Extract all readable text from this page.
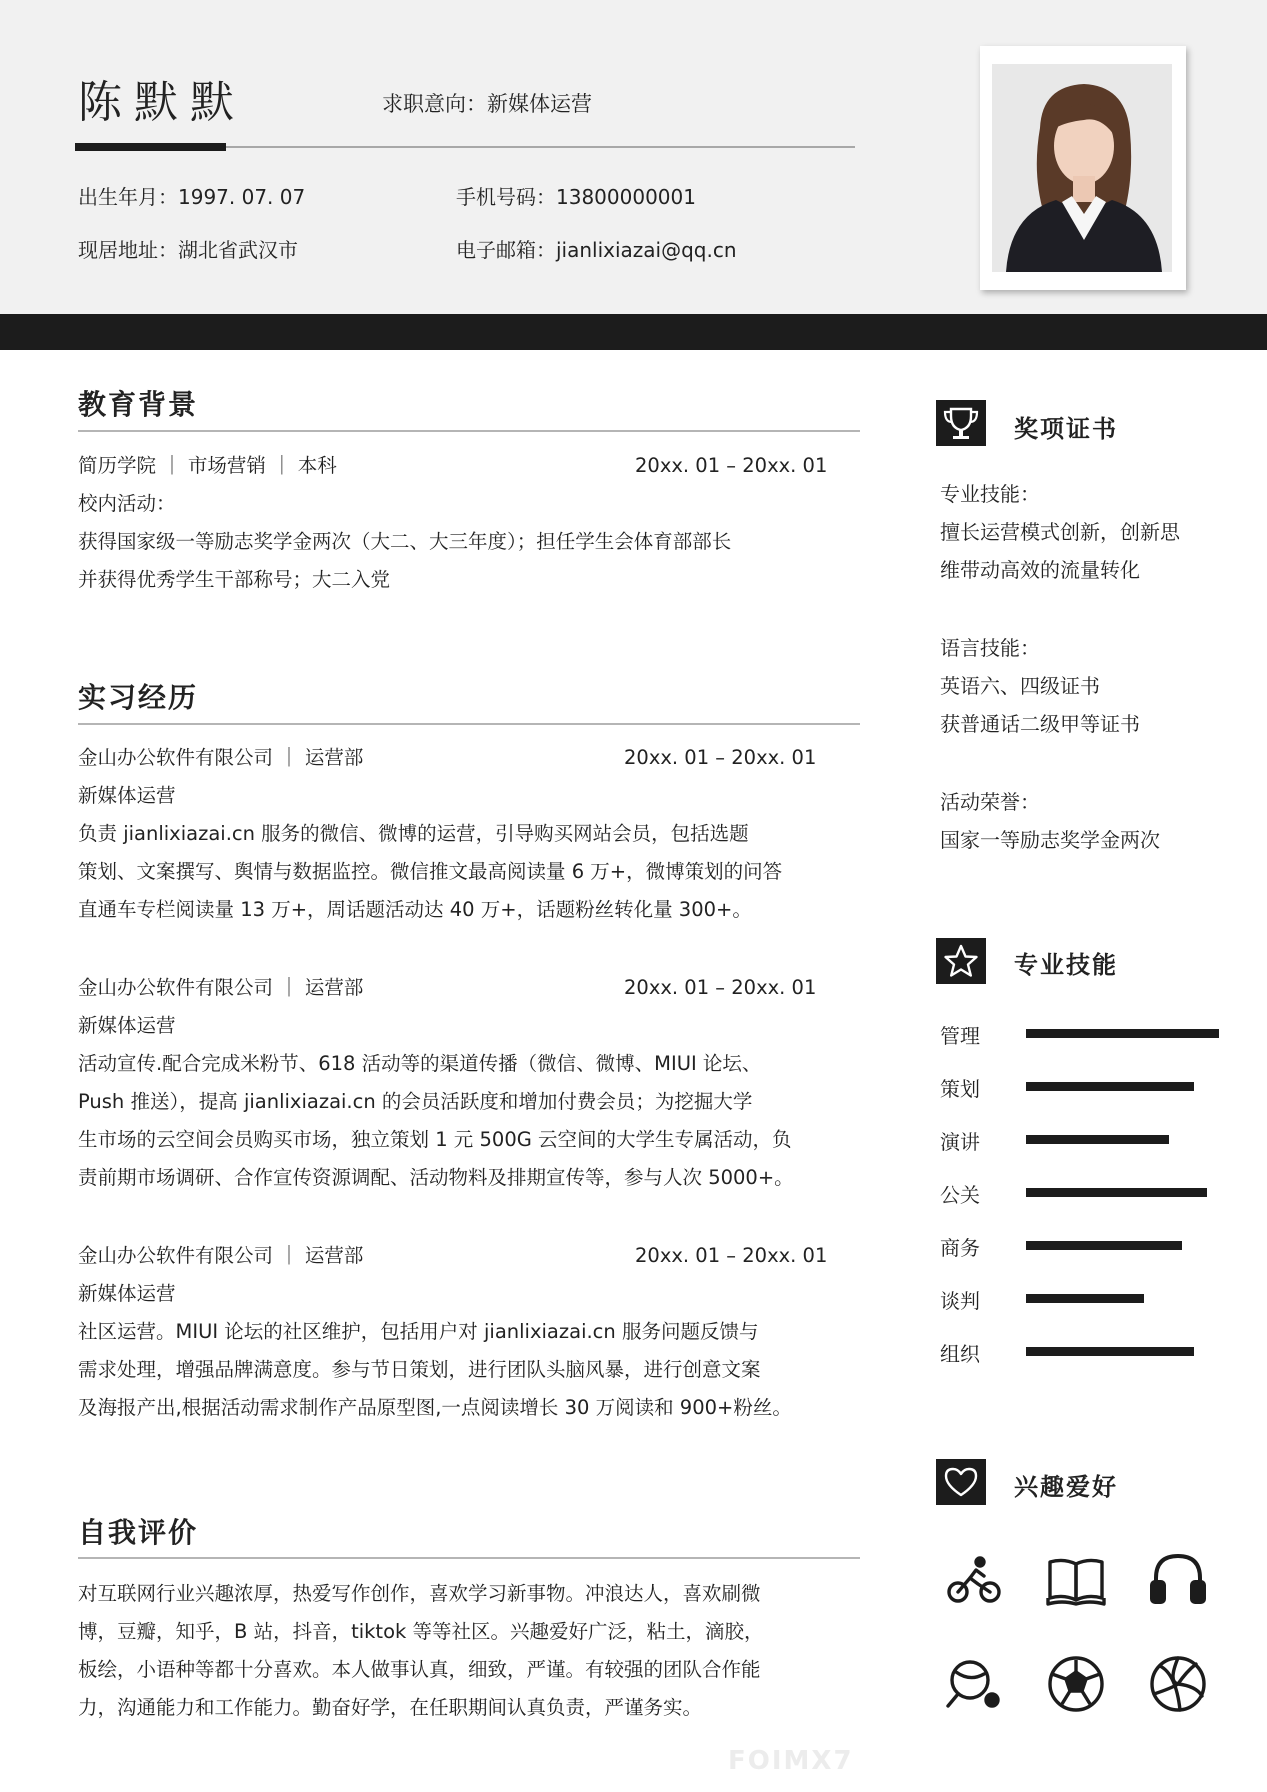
陈默默	求职意向：新媒体运营
出生年月：1997. 07. 07	手机号码：13800000001
现居地址：湖北省武汉市	电子邮箱：jianlixiazai@qq.cn
教育背景
简历学院 ｜ 市场营销 ｜ 本科	20xx. 01 – 20xx. 01
校内活动：
获得国家级一等励志奖学金两次（大二、大三年度）；担任学生会体育部部长
并获得优秀学生干部称号；大二入党
实习经历
金山办公软件有限公司 ｜ 运营部	20xx. 01 – 20xx. 01
新媒体运营
负责 jianlixiazai.cn 服务的微信、微博的运营，引导购买网站会员，包括选题
策划、文案撰写、舆情与数据监控。微信推文最高阅读量 6 万+，微博策划的问答
直通车专栏阅读量 13 万+，周话题活动达 40 万+，话题粉丝转化量 300+。
金山办公软件有限公司 ｜ 运营部	20xx. 01 – 20xx. 01
新媒体运营
活动宣传.配合完成米粉节、618 活动等的渠道传播（微信、微博、MIUI 论坛、
Push 推送），提高 jianlixiazai.cn 的会员活跃度和增加付费会员；为挖掘大学
生市场的云空间会员购买市场，独立策划 1 元 500G 云空间的大学生专属活动，负
责前期市场调研、合作宣传资源调配、活动物料及排期宣传等，参与人次 5000+。
金山办公软件有限公司 ｜ 运营部	20xx. 01 – 20xx. 01
新媒体运营
社区运营。MIUI 论坛的社区维护，包括用户对 jianlixiazai.cn 服务问题反馈与
需求处理，增强品牌满意度。参与节日策划，进行团队头脑风暴，进行创意文案
及海报产出,根据活动需求制作产品原型图,一点阅读增长 30 万阅读和 900+粉丝。
自我评价
对互联网行业兴趣浓厚，热爱写作创作，喜欢学习新事物。冲浪达人，喜欢刷微
博，豆瓣，知乎，B 站，抖音，tiktok 等等社区。兴趣爱好广泛，粘土，滴胶，
板绘，小语种等都十分喜欢。本人做事认真，细致，严谨。有较强的团队合作能
力，沟通能力和工作能力。勤奋好学，在任职期间认真负责，严谨务实。
奖项证书
专业技能：
擅长运营模式创新，创新思
维带动高效的流量转化
语言技能：
英语六、四级证书
获普通话二级甲等证书
活动荣誉：
国家一等励志奖学金两次
专业技能
管理
策划
演讲
公关
商务
谈判
组织
兴趣爱好
FOIMX7
